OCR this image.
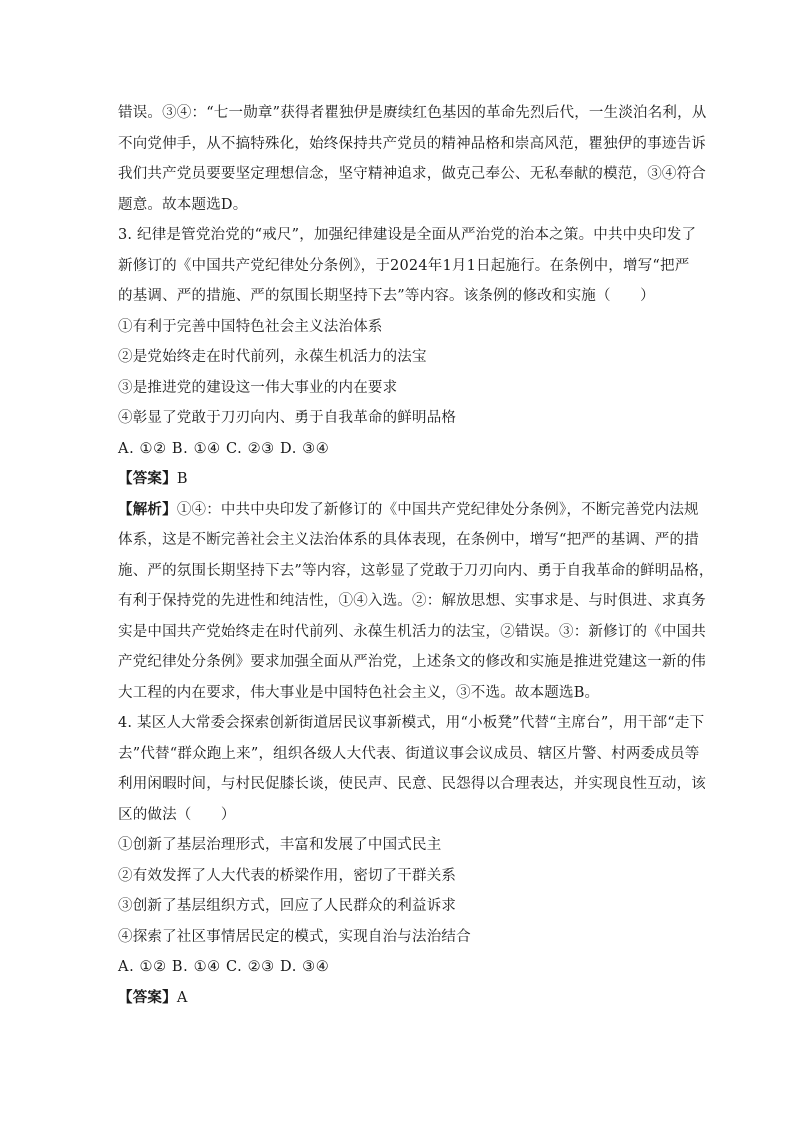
错误。③④：“七一勋章”获得者瞿独伊是赓续红色基因的革命先烈后代，一生淡泊名利，从
不向党伸手，从不搞特殊化，始终保持共产党员的精神品格和崇高风范，瞿独伊的事迹告诉
我们共产党员要要坚定理想信念，坚守精神追求，做克己奉公、无私奉献的模范，③④符合
题意。故本题选D。
3. 纪律是管党治党的“戒尺”，加强纪律建设是全面从严治党的治本之策。中共中央印发了
新修订的《中国共产党纪律处分条例》，于2024年1月1日起施行。在条例中，增写“把严
的基调、严的措施、严的氛围长期坚持下去”等内容。该条例的修改和实施（　　）
①有利于完善中国特色社会主义法治体系
②是党始终走在时代前列，永葆生机活力的法宝
③是推进党的建设这一伟大事业的内在要求
④彰显了党敢于刀刃向内、勇于自我革命的鲜明品格
A. ①② B. ①④ C. ②③ D. ③④
【答案】B
【解析】①④：中共中央印发了新修订的《中国共产党纪律处分条例》，不断完善党内法规
体系，这是不断完善社会主义法治体系的具体表现，在条例中，增写“把严的基调、严的措
施、严的氛围长期坚持下去”等内容，这彰显了党敢于刀刃向内、勇于自我革命的鲜明品格，
有利于保持党的先进性和纯洁性，①④入选。②：解放思想、实事求是、与时俱进、求真务
实是中国共产党始终走在时代前列、永葆生机活力的法宝，②错误。③：新修订的《中国共
产党纪律处分条例》要求加强全面从严治党，上述条文的修改和实施是推进党建这一新的伟
大工程的内在要求，伟大事业是中国特色社会主义，③不选。故本题选B。
4. 某区人大常委会探索创新街道居民议事新模式，用“小板凳”代替“主席台”，用干部“走下
去”代替“群众跑上来”，组织各级人大代表、街道议事会议成员、辖区片警、村两委成员等
利用闲暇时间，与村民促膝长谈，使民声、民意、民怨得以合理表达，并实现良性互动，该
区的做法（　　）
①创新了基层治理形式，丰富和发展了中国式民主
②有效发挥了人大代表的桥梁作用，密切了干群关系
③创新了基层组织方式，回应了人民群众的利益诉求
④探索了社区事情居民定的模式，实现自治与法治结合
A. ①② B. ①④ C. ②③ D. ③④
【答案】A
